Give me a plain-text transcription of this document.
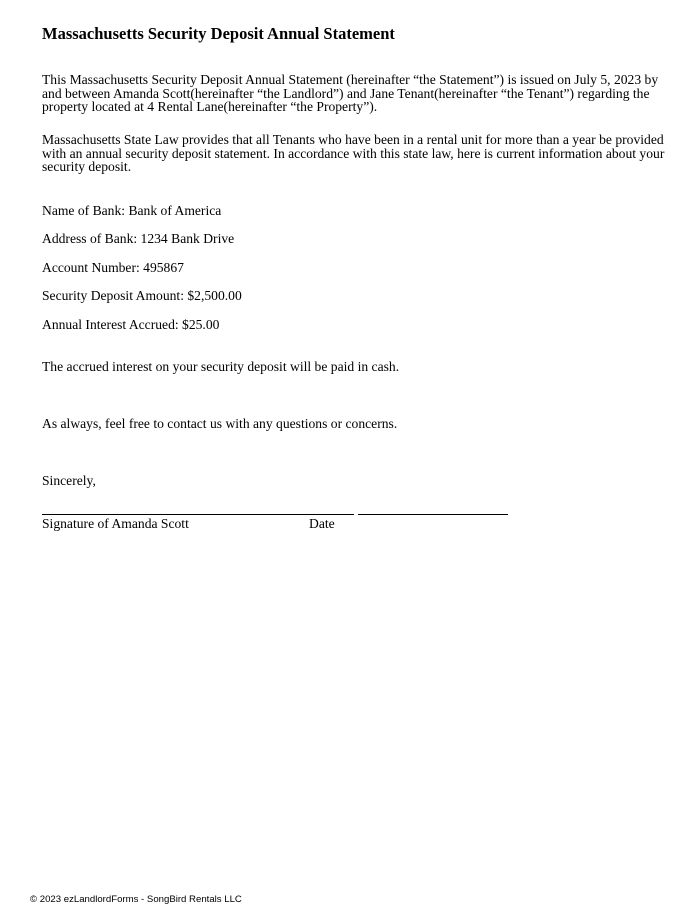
Massachusetts Security Deposit Annual Statement

This Massachusetts Security Deposit Annual Statement (hereinafter “the Statement”) is issued on July 5, 2023 by and between Amanda Scott(hereinafter “the Landlord”) and Jane Tenant(hereinafter “the Tenant”) regarding the property located at 4 Rental Lane(hereinafter “the Property”).

Massachusetts State Law provides that all Tenants who have been in a rental unit for more than a year be provided with an annual security deposit statement. In accordance with this state law, here is current information about your security deposit.

Name of Bank: Bank of America

Address of Bank: 1234 Bank Drive

Account Number: 495867

Security Deposit Amount: $2,500.00

Annual Interest Accrued: $25.00

The accrued interest on your security deposit will be paid in cash.

As always, feel free to contact us with any questions or concerns.

Sincerely,

Signature of Amanda Scott	Date

© 2023 ezLandlordForms - SongBird Rentals LLC
